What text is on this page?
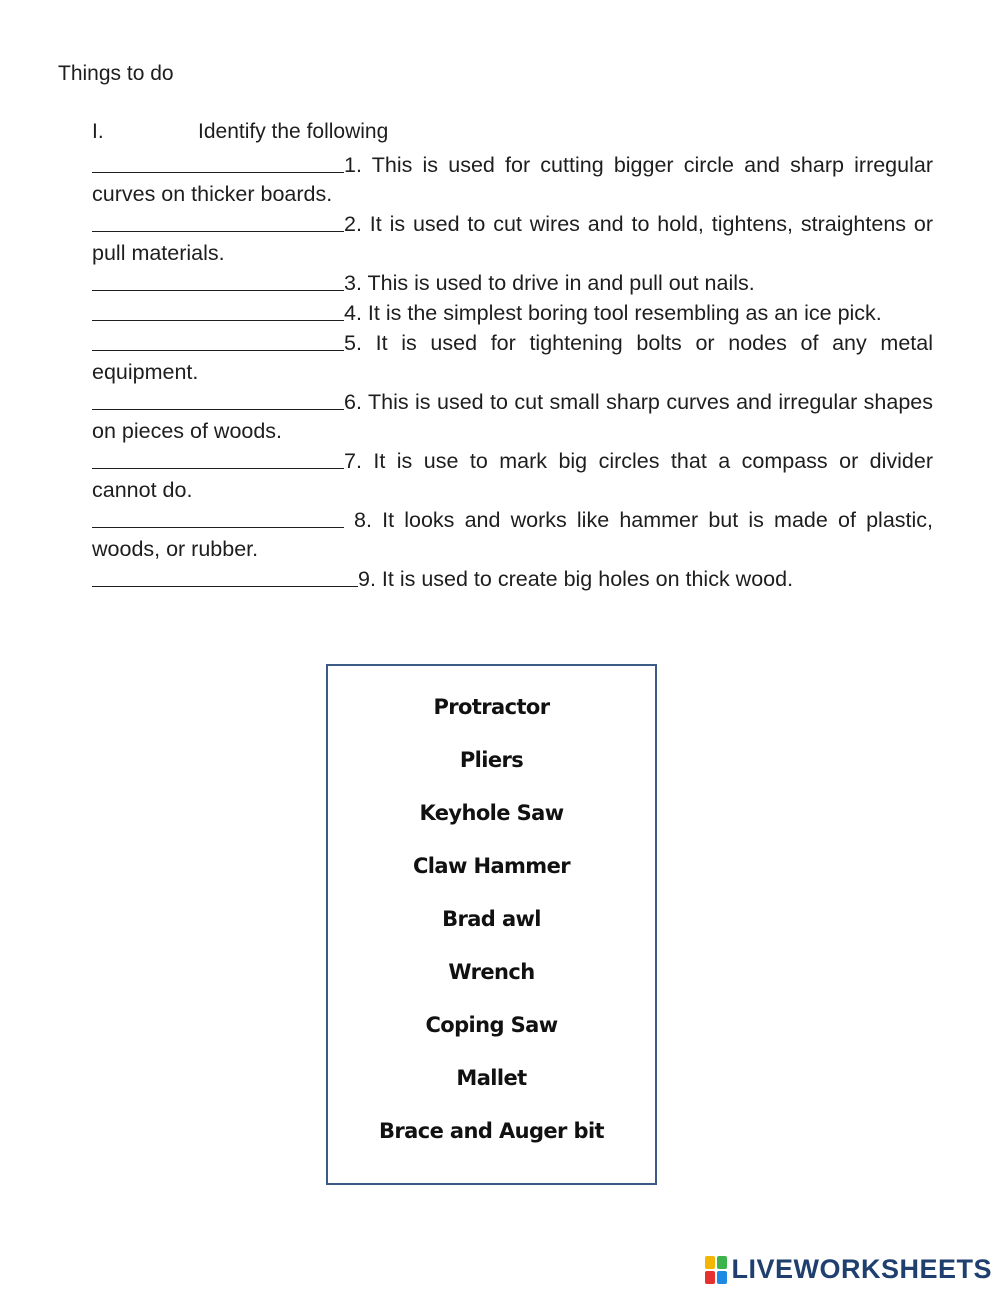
Things to do
I.	Identify the following

1. This is used for cutting bigger circle and sharp irregular curves on thicker boards.

2. It is used to cut wires and to hold, tightens, straightens or pull materials.

3. This is used to drive in and pull out nails.

4. It is the simplest boring tool resembling as an ice pick.

5. It is used for tightening bolts or nodes of any metal equipment.

6. This is used to cut small sharp curves and irregular shapes on pieces of woods.

7. It is use to mark big circles that a compass or divider cannot do.

8. It looks and works like hammer but is made of plastic, woods, or rubber.

9. It is used to create big holes on thick wood.

Protractor
Pliers
Keyhole Saw
Claw Hammer
Brad awl
Wrench
Coping Saw
Mallet
Brace and Auger bit
LIVEWORKSHEETS
